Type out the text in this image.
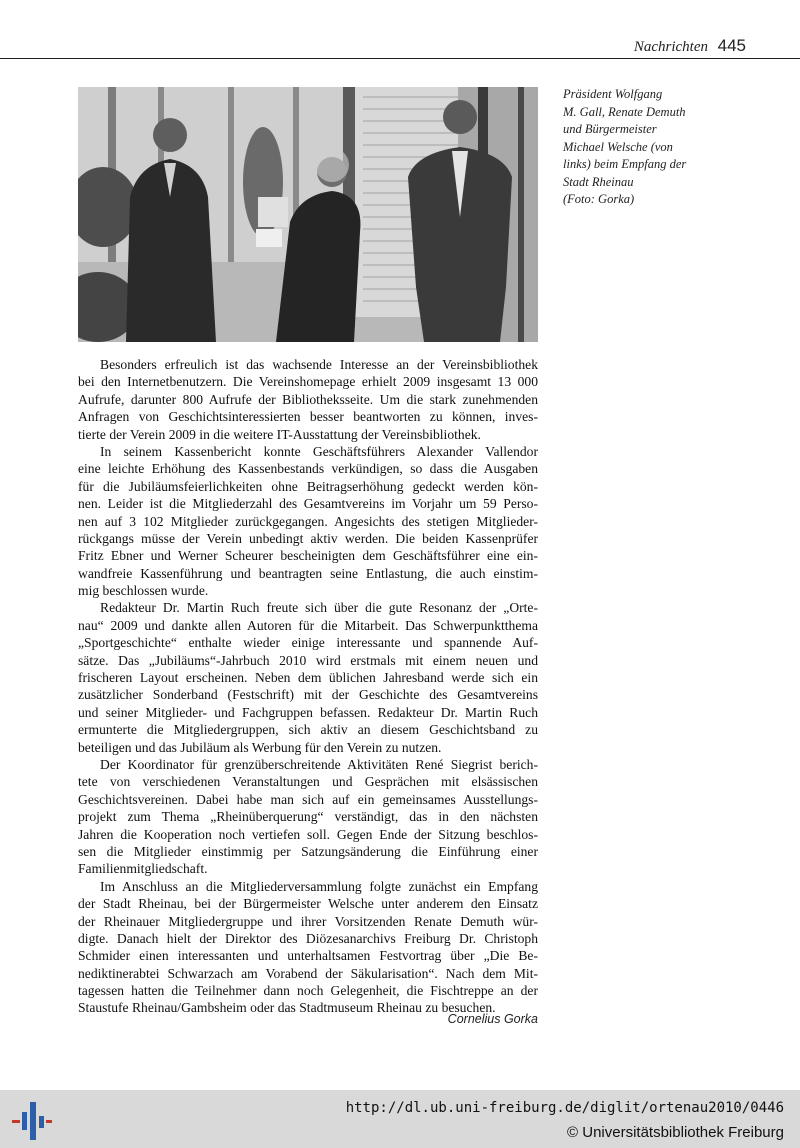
Nachrichten 445
Präsident Wolfgang
M. Gall, Renate Demuth
und Bürgermeister
Michael Welsche (von
links) beim Empfang der
Stadt Rheinau
(Foto: Gorka)
Besonders erfreulich ist das wachsende Interesse an der Vereinsbibliothek
bei den Internetbenutzern. Die Vereinshomepage erhielt 2009 insgesamt 13 000
Aufrufe, darunter 800 Aufrufe der Bibliotheksseite. Um die stark zunehmenden
Anfragen von Geschichtsinteressierten besser beantworten zu können, inves-
tierte der Verein 2009 in die weitere IT-Ausstattung der Vereinsbibliothek.
In seinem Kassenbericht konnte Geschäftsführers Alexander Vallendor
eine leichte Erhöhung des Kassenbestands verkündigen, so dass die Ausgaben
für die Jubiläumsfeierlichkeiten ohne Beitragserhöhung gedeckt werden kön-
nen. Leider ist die Mitgliederzahl des Gesamtvereins im Vorjahr um 59 Perso-
nen auf 3 102 Mitglieder zurückgegangen. Angesichts des stetigen Mitglieder-
rückgangs müsse der Verein unbedingt aktiv werden. Die beiden Kassenprüfer
Fritz Ebner und Werner Scheurer bescheinigten dem Geschäftsführer eine ein-
wandfreie Kassenführung und beantragten seine Entlastung, die auch einstim-
mig beschlossen wurde.
Redakteur Dr. Martin Ruch freute sich über die gute Resonanz der „Orte-
nau“ 2009 und dankte allen Autoren für die Mitarbeit. Das Schwerpunktthema
„Sportgeschichte“ enthalte wieder einige interessante und spannende Auf-
sätze. Das „Jubiläums“-Jahrbuch 2010 wird erstmals mit einem neuen und
frischeren Layout erscheinen. Neben dem üblichen Jahresband werde sich ein
zusätzlicher Sonderband (Festschrift) mit der Geschichte des Gesamtvereins
und seiner Mitglieder- und Fachgruppen befassen. Redakteur Dr. Martin Ruch
ermunterte die Mitgliedergruppen, sich aktiv an diesem Geschichtsband zu
beteiligen und das Jubiläum als Werbung für den Verein zu nutzen.
Der Koordinator für grenzüberschreitende Aktivitäten René Siegrist berich-
tete von verschiedenen Veranstaltungen und Gesprächen mit elsässischen
Geschichtsvereinen. Dabei habe man sich auf ein gemeinsames Ausstellungs-
projekt zum Thema „Rheinüberquerung“ verständigt, das in den nächsten
Jahren die Kooperation noch vertiefen soll. Gegen Ende der Sitzung beschlos-
sen die Mitglieder einstimmig per Satzungsänderung die Einführung einer
Familienmitgliedschaft.
Im Anschluss an die Mitgliederversammlung folgte zunächst ein Empfang
der Stadt Rheinau, bei der Bürgermeister Welsche unter anderem den Einsatz
der Rheinauer Mitgliedergruppe und ihrer Vorsitzenden Renate Demuth wür-
digte. Danach hielt der Direktor des Diözesanarchivs Freiburg Dr. Christoph
Schmider einen interessanten und unterhaltsamen Festvortrag über „Die Be-
nediktinerabtei Schwarzach am Vorabend der Säkularisation“. Nach dem Mit-
tagessen hatten die Teilnehmer dann noch Gelegenheit, die Fischtreppe an der
Staustufe Rheinau/Gambsheim oder das Stadtmuseum Rheinau zu besuchen.
Cornelius Gorka
http://dl.ub.uni-freiburg.de/diglit/ortenau2010/0446
© Universitätsbibliothek Freiburg
